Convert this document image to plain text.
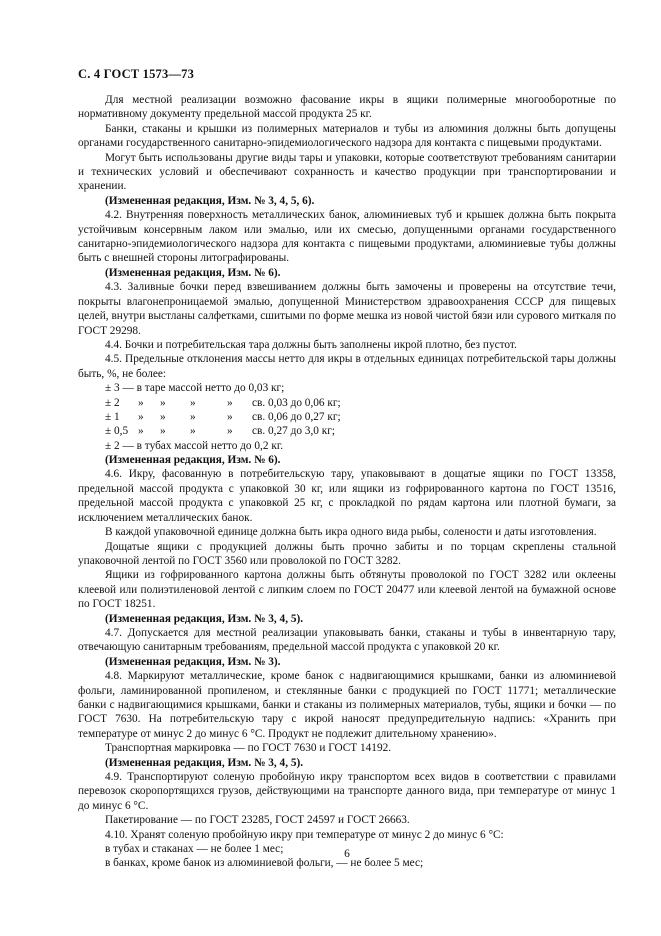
С. 4 ГОСТ 1573—73

Для местной реализации возможно фасование икры в ящики полимерные многооборотные по нормативному документу предельной массой продукта 25 кг.

Банки, стаканы и крышки из полимерных материалов и тубы из алюминия должны быть допущены органами государственного санитарно-эпидемиологического надзора для контакта с пищевыми продуктами.

Могут быть использованы другие виды тары и упаковки, которые соответствуют требованиям санитарии и технических условий и обеспечивают сохранность и качество продукции при транспортировании и хранении.

(Измененная редакция, Изм. № 3, 4, 5, 6).

4.2. Внутренняя поверхность металлических банок, алюминиевых туб и крышек должна быть покрыта устойчивым консервным лаком или эмалью, или их смесью, допущенными органами государственного санитарно-эпидемиологического надзора для контакта с пищевыми продуктами, алюминиевые тубы должны быть с внешней стороны литографированы.

(Измененная редакция, Изм. № 6).

4.3. Заливные бочки перед взвешиванием должны быть замочены и проверены на отсутствие течи, покрыты влагонепроницаемой эмалью, допущенной Министерством здравоохранения СССР для пищевых целей, внутри выстланы салфетками, сшитыми по форме мешка из новой чистой бязи или сурового миткаля по ГОСТ 29298.

4.4. Бочки и потребительская тара должны быть заполнены икрой плотно, без пустот.

4.5. Предельные отклонения массы нетто для икры в отдельных единицах потребительской тары должны быть, %, не более:

± 3 — в таре массой нетто до 0,03 кг;

± 2 » » »	» св. 0,03 до 0,06 кг;

± 1 » » »	» св. 0,06 до 0,27 кг;

± 0,5 » » »	» св. 0,27 до 3,0 кг;

± 2 — в тубах массой нетто до 0,2 кг.

(Измененная редакция, Изм. № 6).

4.6. Икру, фасованную в потребительскую тару, упаковывают в дощатые ящики по ГОСТ 13358, предельной массой продукта с упаковкой 30 кг, или ящики из гофрированного картона по ГОСТ 13516, предельной массой продукта с упаковкой 25 кг, с прокладкой по рядам картона или плотной бумаги, за исключением металлических банок.

В каждой упаковочной единице должна быть икра одного вида рыбы, солености и даты изготовления.

Дощатые ящики с продукцией должны быть прочно забиты и по торцам скреплены стальной упаковочной лентой по ГОСТ 3560 или проволокой по ГОСТ 3282.

Ящики из гофрированного картона должны быть обтянуты проволокой по ГОСТ 3282 или оклеены клеевой или полиэтиленовой лентой с липким слоем по ГОСТ 20477 или клеевой лентой на бумажной основе по ГОСТ 18251.

(Измененная редакция, Изм. № 3, 4, 5).

4.7. Допускается для местной реализации упаковывать банки, стаканы и тубы в инвентарную тару, отвечающую санитарным требованиям, предельной массой продукта с упаковкой 20 кг.

(Измененная редакция, Изм. № 3).

4.8. Маркируют металлические, кроме банок с надвигающимися крышками, банки из алюминиевой фольги, ламинированной пропиленом, и стеклянные банки с продукцией по ГОСТ 11771; металлические банки с надвигающимися крышками, банки и стаканы из полимерных материалов, тубы, ящики и бочки — по ГОСТ 7630. На потребительскую тару с икрой наносят предупредительную надпись: «Хранить при температуре от минус 2 до минус 6 °С. Продукт не подлежит длительному хранению».

Транспортная маркировка — по ГОСТ 7630 и ГОСТ 14192.

(Измененная редакция, Изм. № 3, 4, 5).

4.9. Транспортируют соленую пробойную икру транспортом всех видов в соответствии с правилами перевозок скоропортящихся грузов, действующими на транспорте данного вида, при температуре от минус 1 до минус 6 °С.

Пакетирование — по ГОСТ 23285, ГОСТ 24597 и ГОСТ 26663.

4.10. Хранят соленую пробойную икру при температуре от минус 2 до минус 6 °С:

в тубах и стаканах — не более 1 мес;

в банках, кроме банок из алюминиевой фольги, — не более 5 мес;

6
